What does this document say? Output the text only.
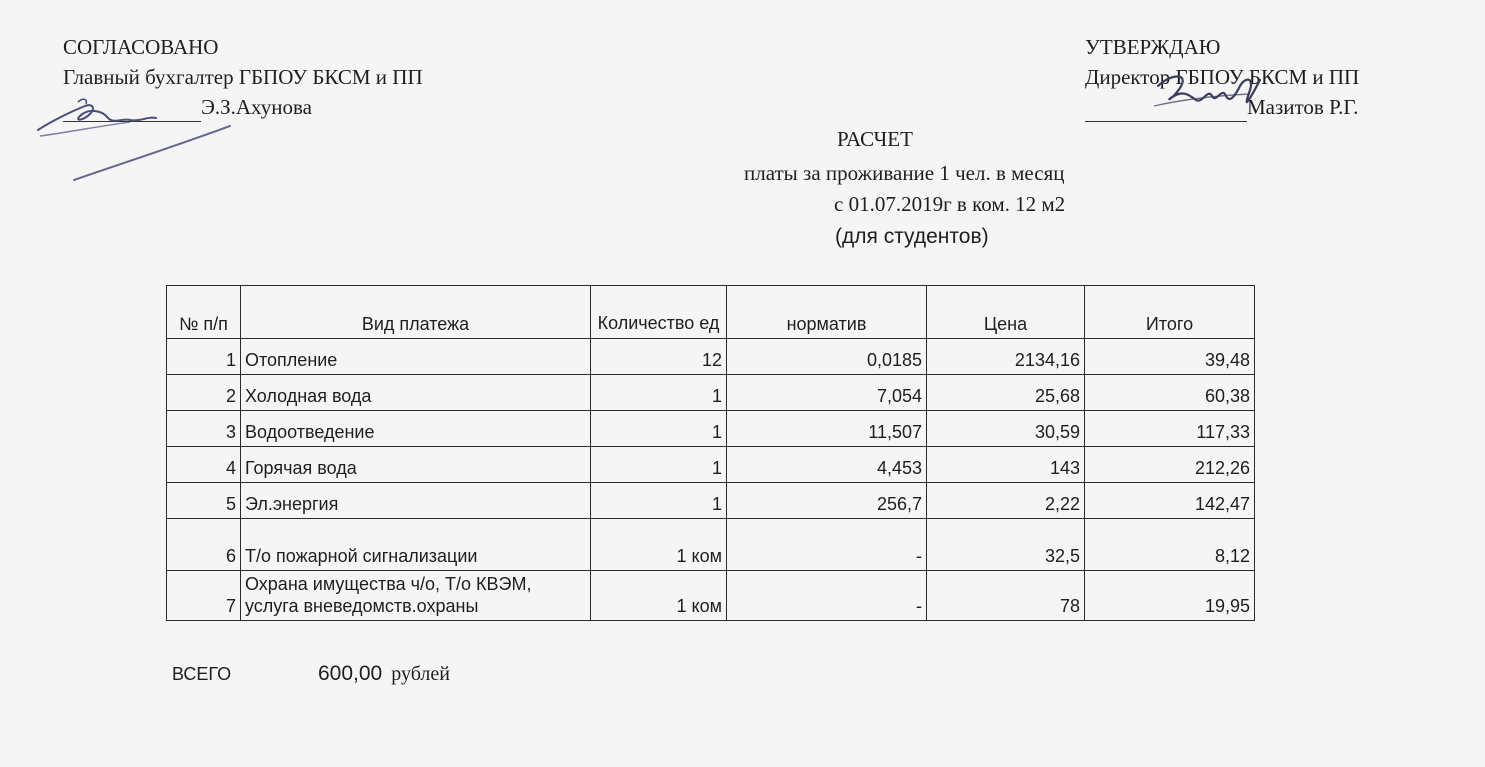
СОГЛАСОВАНО
Главный бухгалтер ГБПОУ БКСМ и ПП
Э.З.Ахунова
УТВЕРЖДАЮ
Директор ГБПОУ БКСМ и ПП
Мазитов Р.Г.
РАСЧЕТ
платы за проживание 1 чел. в месяц
с 01.07.2019г в ком. 12 м2
(для студентов)
№ п/п	Вид платежа	Количество ед	норматив	Цена	Итого
1	Отопление	12	0,0185	2134,16	39,48
2	Холодная вода	1	7,054	25,68	60,38
3	Водоотведение	1	11,507	30,59	117,33
4	Горячая вода	1	4,453	143	212,26
5	Эл.энергия	1	256,7	2,22	142,47
6	Т/о пожарной сигнализации	1 ком	-	32,5	8,12
7	Охрана имущества ч/о, Т/о КВЭМ,
услуга вневедомств.охраны	1 ком	-	78	19,95
ВСЕГО	600,00 рублей
